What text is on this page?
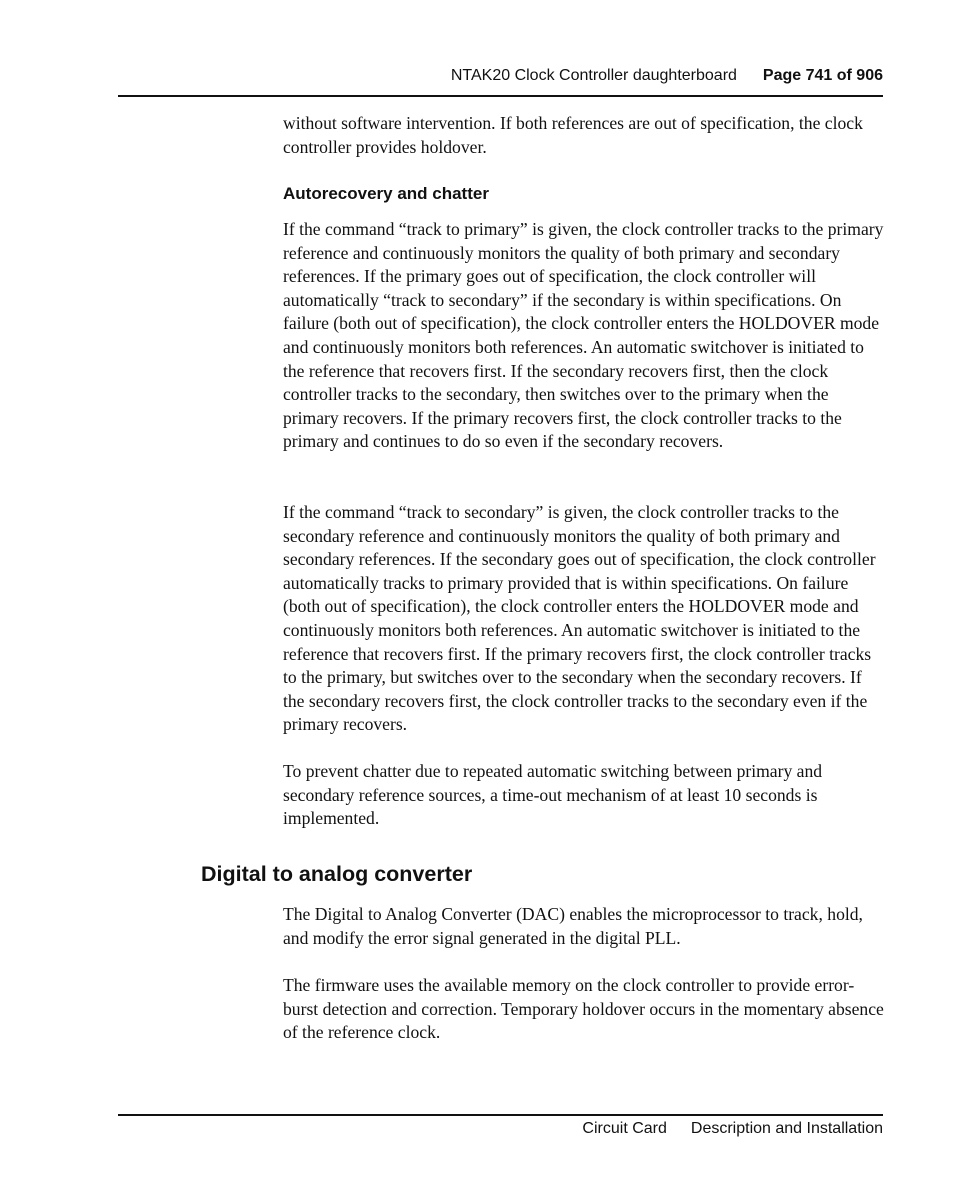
NTAK20 Clock Controller daughterboard Page 741 of 906

without software intervention. If both references are out of specification, the clock controller provides holdover.

Autorecovery and chatter

If the command “track to primary” is given, the clock controller tracks to the primary reference and continuously monitors the quality of both primary and secondary references. If the primary goes out of specification, the clock controller will automatically “track to secondary” if the secondary is within specifications. On failure (both out of specification), the clock controller enters the HOLDOVER mode and continuously monitors both references. An automatic switchover is initiated to the reference that recovers first. If the secondary recovers first, then the clock controller tracks to the secondary, then switches over to the primary when the primary recovers. If the primary recovers first, the clock controller tracks to the primary and continues to do so even if the secondary recovers.

If the command “track to secondary” is given, the clock controller tracks to the secondary reference and continuously monitors the quality of both primary and secondary references. If the secondary goes out of specification, the clock controller automatically tracks to primary provided that is within specifications. On failure (both out of specification), the clock controller enters the HOLDOVER mode and continuously monitors both references. An automatic switchover is initiated to the reference that recovers first. If the primary recovers first, the clock controller tracks to the primary, but switches over to the secondary when the secondary recovers. If the secondary recovers first, the clock controller tracks to the secondary even if the primary recovers.

To prevent chatter due to repeated automatic switching between primary and secondary reference sources, a time-out mechanism of at least 10 seconds is implemented.

Digital to analog converter

The Digital to Analog Converter (DAC) enables the microprocessor to track, hold, and modify the error signal generated in the digital PLL.

The firmware uses the available memory on the clock controller to provide error-burst detection and correction. Temporary holdover occurs in the momentary absence of the reference clock.

Circuit Card Description and Installation
